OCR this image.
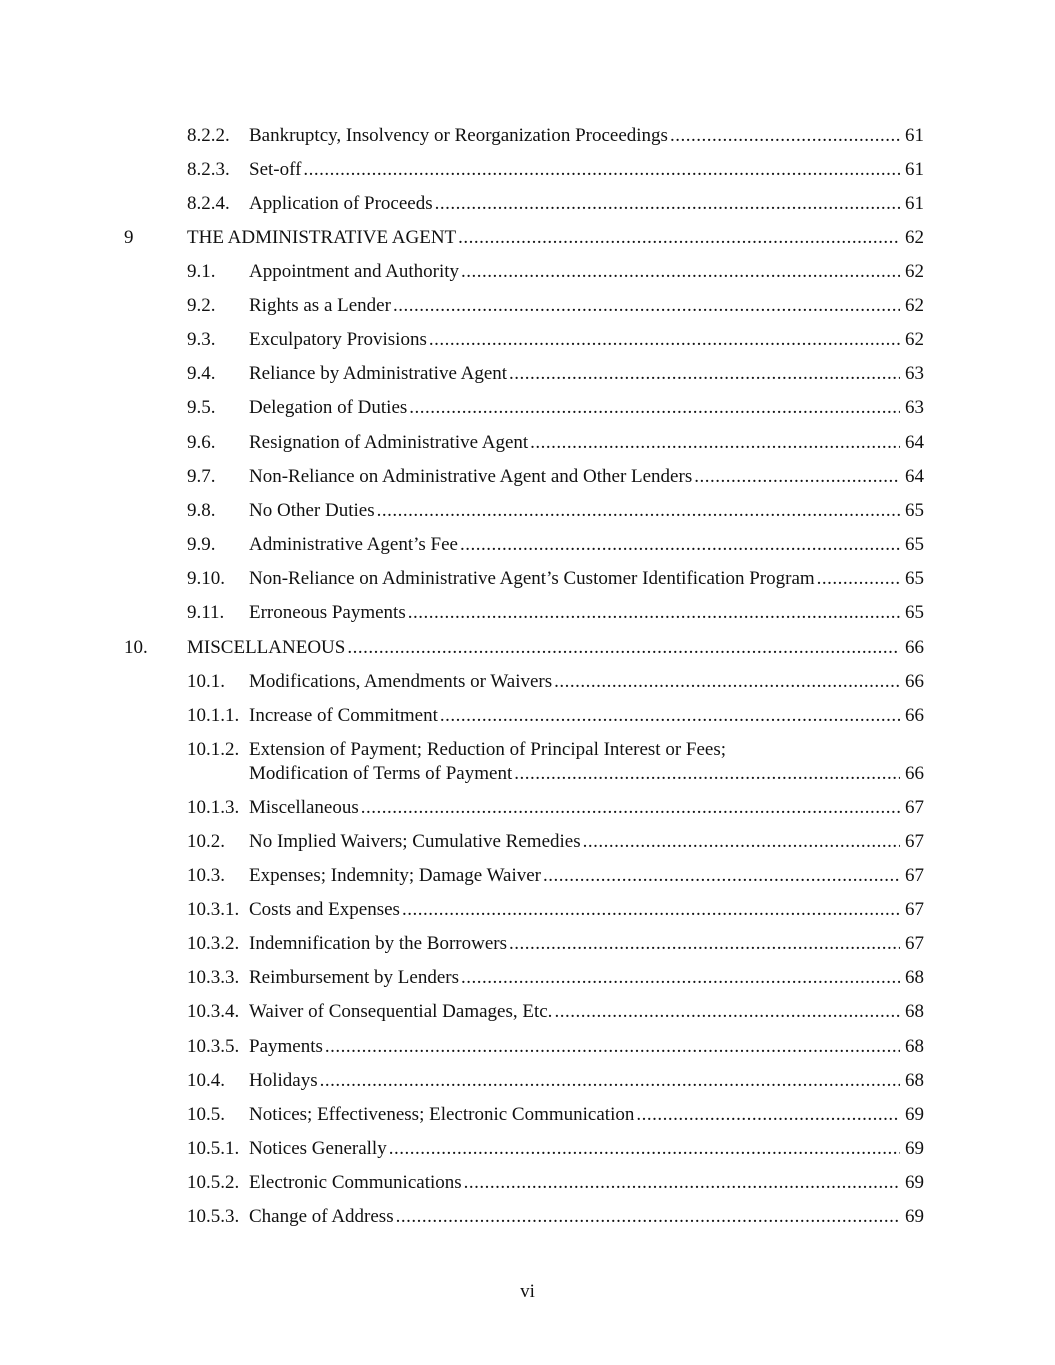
8.2.2. Bankruptcy, Insolvency or Reorganization Proceedings .....	61
8.2.3. Set-off .....	61
8.2.4. Application of Proceeds .....	61
9	THE ADMINISTRATIVE AGENT .....	62
9.1. Appointment and Authority .....	62
9.2. Rights as a Lender .....	62
9.3. Exculpatory Provisions .....	62
9.4. Reliance by Administrative Agent .....	63
9.5. Delegation of Duties .....	63
9.6. Resignation of Administrative Agent .....	64
9.7. Non-Reliance on Administrative Agent and Other Lenders .....	64
9.8. No Other Duties .....	65
9.9. Administrative Agent’s Fee .....	65
9.10. Non-Reliance on Administrative Agent’s Customer Identification Program .....	65
9.11. Erroneous Payments .....	65
10. MISCELLANEOUS .....	66
10.1. Modifications, Amendments or Waivers .....	66
10.1.1. Increase of Commitment .....	66
10.1.2. Extension of Payment; Reduction of Principal Interest or Fees;
Modification of Terms of Payment .....	66
10.1.3. Miscellaneous .....	67
10.2. No Implied Waivers; Cumulative Remedies .....	67
10.3. Expenses; Indemnity; Damage Waiver .....	67
10.3.1. Costs and Expenses .....	67
10.3.2. Indemnification by the Borrowers .....	67
10.3.3. Reimbursement by Lenders .....	68
10.3.4. Waiver of Consequential Damages, Etc. .....	68
10.3.5. Payments .....	68
10.4. Holidays .....	68
10.5. Notices; Effectiveness; Electronic Communication .....	69
10.5.1. Notices Generally .....	69
10.5.2. Electronic Communications .....	69
10.5.3. Change of Address .....	69
vi
